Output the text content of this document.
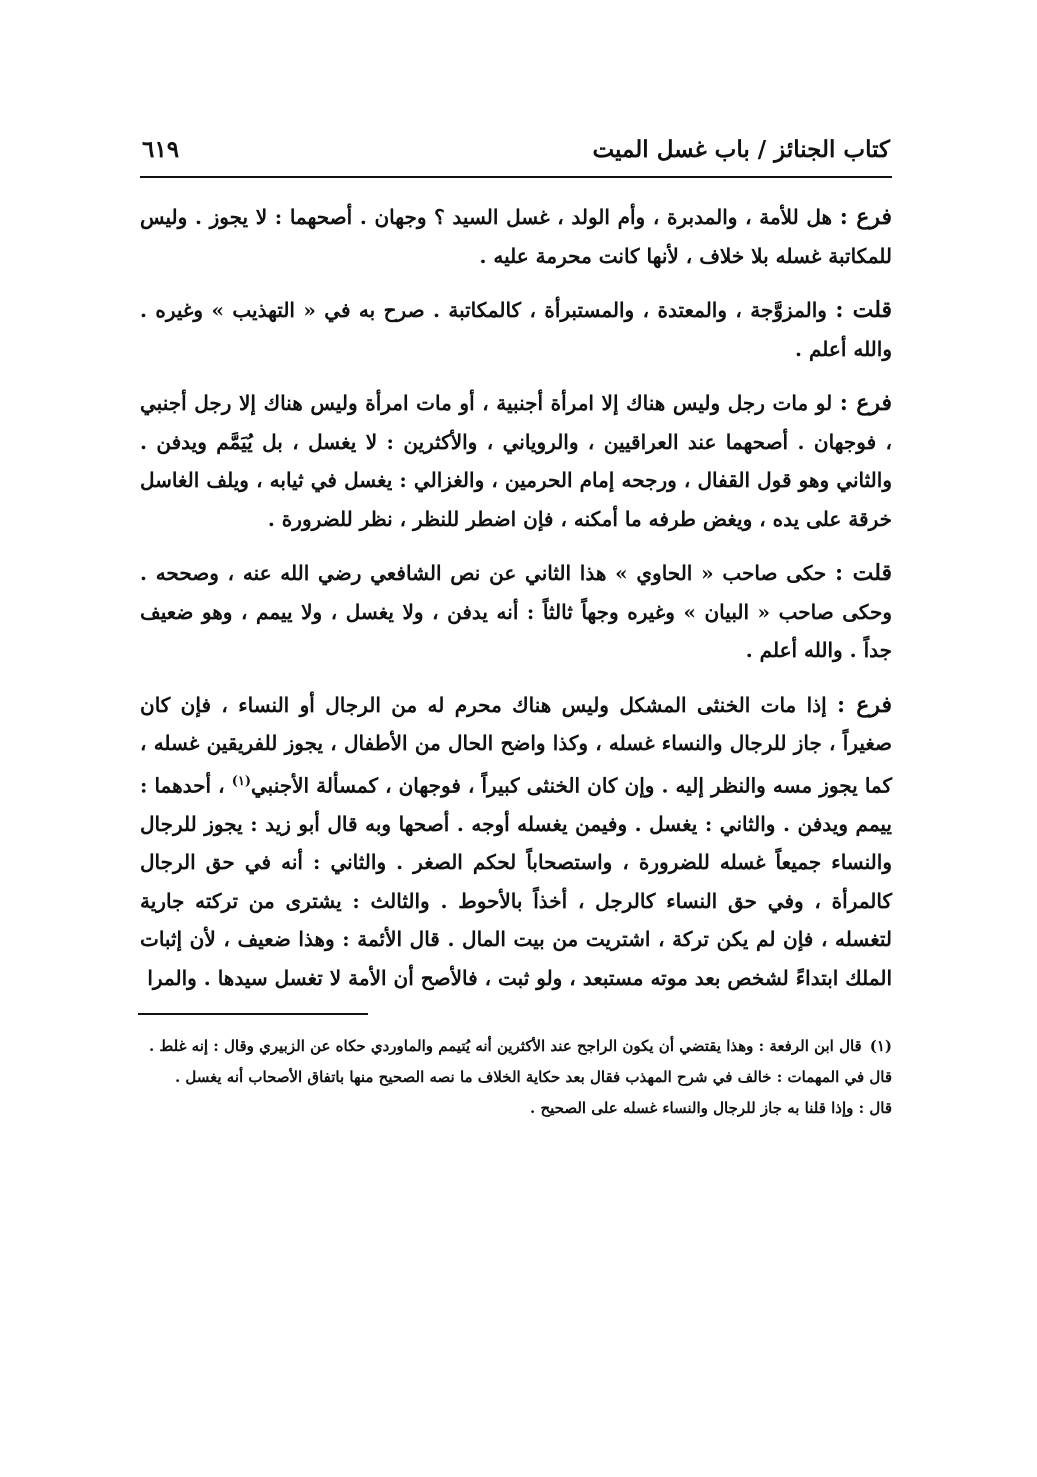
كتاب الجنائز / باب غسل الميت
٦١٩

فرع : هل للأمة ، والمدبرة ، وأم الولد ، غسل السيد ؟ وجهان . أصحهما : لا يجوز . وليس للمكاتبة غسله بلا خلاف ، لأنها كانت محرمة عليه .

قلت : والمزوَّجة ، والمعتدة ، والمستبرأة ، كالمكاتبة . صرح به في « التهذيب » وغيره . والله أعلم .

فرع : لو مات رجل وليس هناك إلا امرأة أجنبية ، أو مات امرأة وليس هناك إلا رجل أجنبي ، فوجهان . أصحهما عند العراقيين ، والروياني ، والأكثرين : لا يغسل ، بل يُيَمَّم ويدفن . والثاني وهو قول القفال ، ورجحه إمام الحرمين ، والغزالي : يغسل في ثيابه ، ويلف الغاسل خرقة على يده ، ويغض طرفه ما أمكنه ، فإن اضطر للنظر ، نظر للضرورة .

قلت : حكى صاحب « الحاوي » هذا الثاني عن نص الشافعي رضي الله عنه ، وصححه . وحكى صاحب « البيان » وغيره وجهاً ثالثاً : أنه يدفن ، ولا يغسل ، ولا ييمم ، وهو ضعيف جداً . والله أعلم .

فرع : إذا مات الخنثى المشكل وليس هناك محرم له من الرجال أو النساء ، فإن كان صغيراً ، جاز للرجال والنساء غسله ، وكذا واضح الحال من الأطفال ، يجوز للفريقين غسله ، كما يجوز مسه والنظر إليه . وإن كان الخنثى كبيراً ، فوجهان ، كمسألة الأجنبي$^{(١)}$ ، أحدهما : ييمم ويدفن . والثاني : يغسل . وفيمن يغسله أوجه . أصحها وبه قال أبو زيد : يجوز للرجال والنساء جميعاً غسله للضرورة ، واستصحاباً لحكم الصغر . والثاني : أنه في حق الرجال كالمرأة ، وفي حق النساء كالرجل ، أخذاً بالأحوط . والثالث : يشترى من تركته جارية لتغسله ، فإن لم يكن تركة ، اشتريت من بيت المال . قال الأئمة : وهذا ضعيف ، لأن إثبات الملك ابتداءً لشخص بعد موته مستبعد ، ولو ثبت ، فالأصح أن الأمة لا تغسل سيدها . والمرا

(١)قال ابن الرفعة : وهذا يقتضي أن يكون الراجح عند الأكثرين أنه يُتيمم والماوردي حكاه عن الزبيري وقال : إنه غلط .

قال في المهمات : خالف في شرح المهذب فقال بعد حكاية الخلاف ما نصه الصحيح منها باتفاق الأصحاب أنه يغسل .

قال : وإذا قلنا به جاز للرجال والنساء غسله على الصحيح .
